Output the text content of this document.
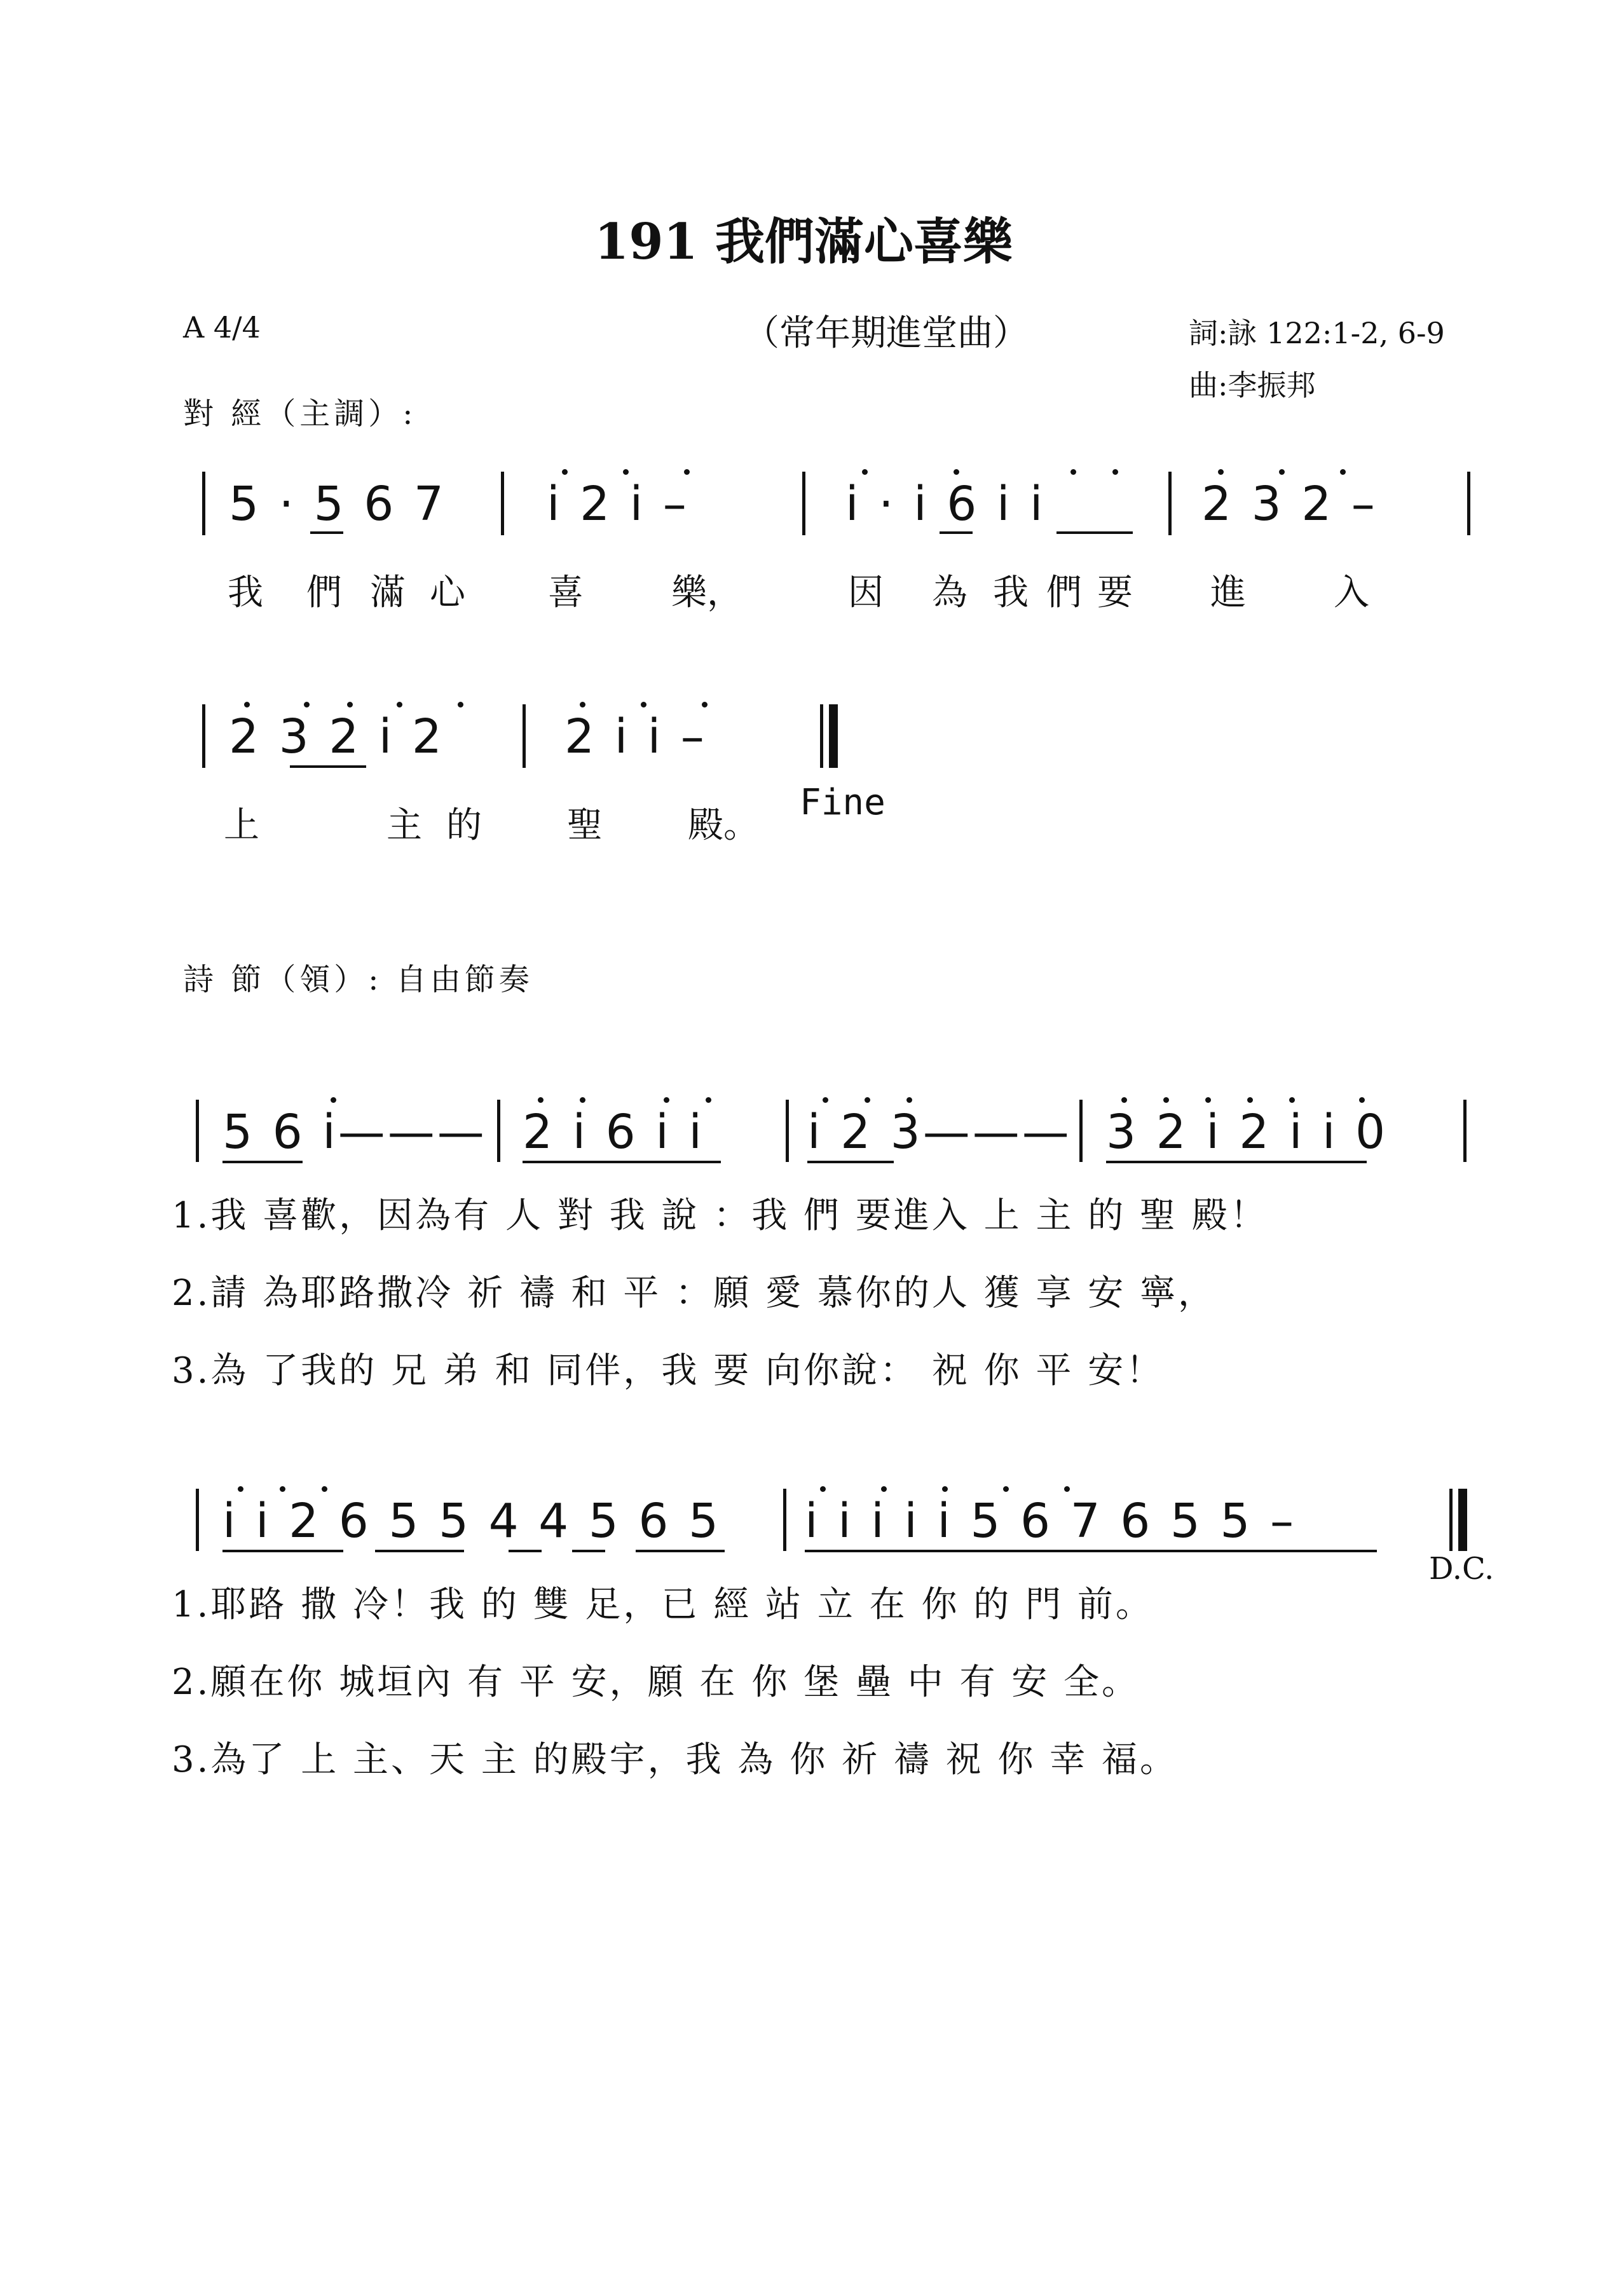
191 我們滿心喜樂
A 4/4	（常年期進堂曲）	詞:詠 122:1-2, 6-9
曲:李振邦
對 經（主調）:
5 · 5 6 7 i 2 i –	i · i 6 i i	2 3 2 –
我 們 滿 心 喜 樂，	因 為 我 們 要 進 入
2 3 2 i 2	2 i i –
上	主 的 聖 殿。
Fine
詩 節（領）: 自由節奏
5 6 i——— 2 i 6 i i i 2 3——— 3 2 i 2 i i 0
1.我 喜歡，因為有 人 對 我 說 ：我 們 要進入 上 主 的 聖 殿！
2.請 為耶路撒冷 祈 禱 和 平 ：願 愛 慕你的人 獲 享 安 寧，
3.為 了我的 兄 弟 和 同伴，我 要 向你說： 祝 你 平 安！
i i 2 6 5 5 4 4 5 6 5 i i i i i 5 6 7 6 5 5 –
1.耶路 撒 冷！我 的 雙 足，已 經 站 立 在 你 的 門 前。
2.願在你 城垣內 有 平 安，願 在 你 堡 壘 中 有 安 全。
3.為了 上 主、天 主 的殿宇，我 為 你 祈 禱 祝 你 幸 福。
D.C.
